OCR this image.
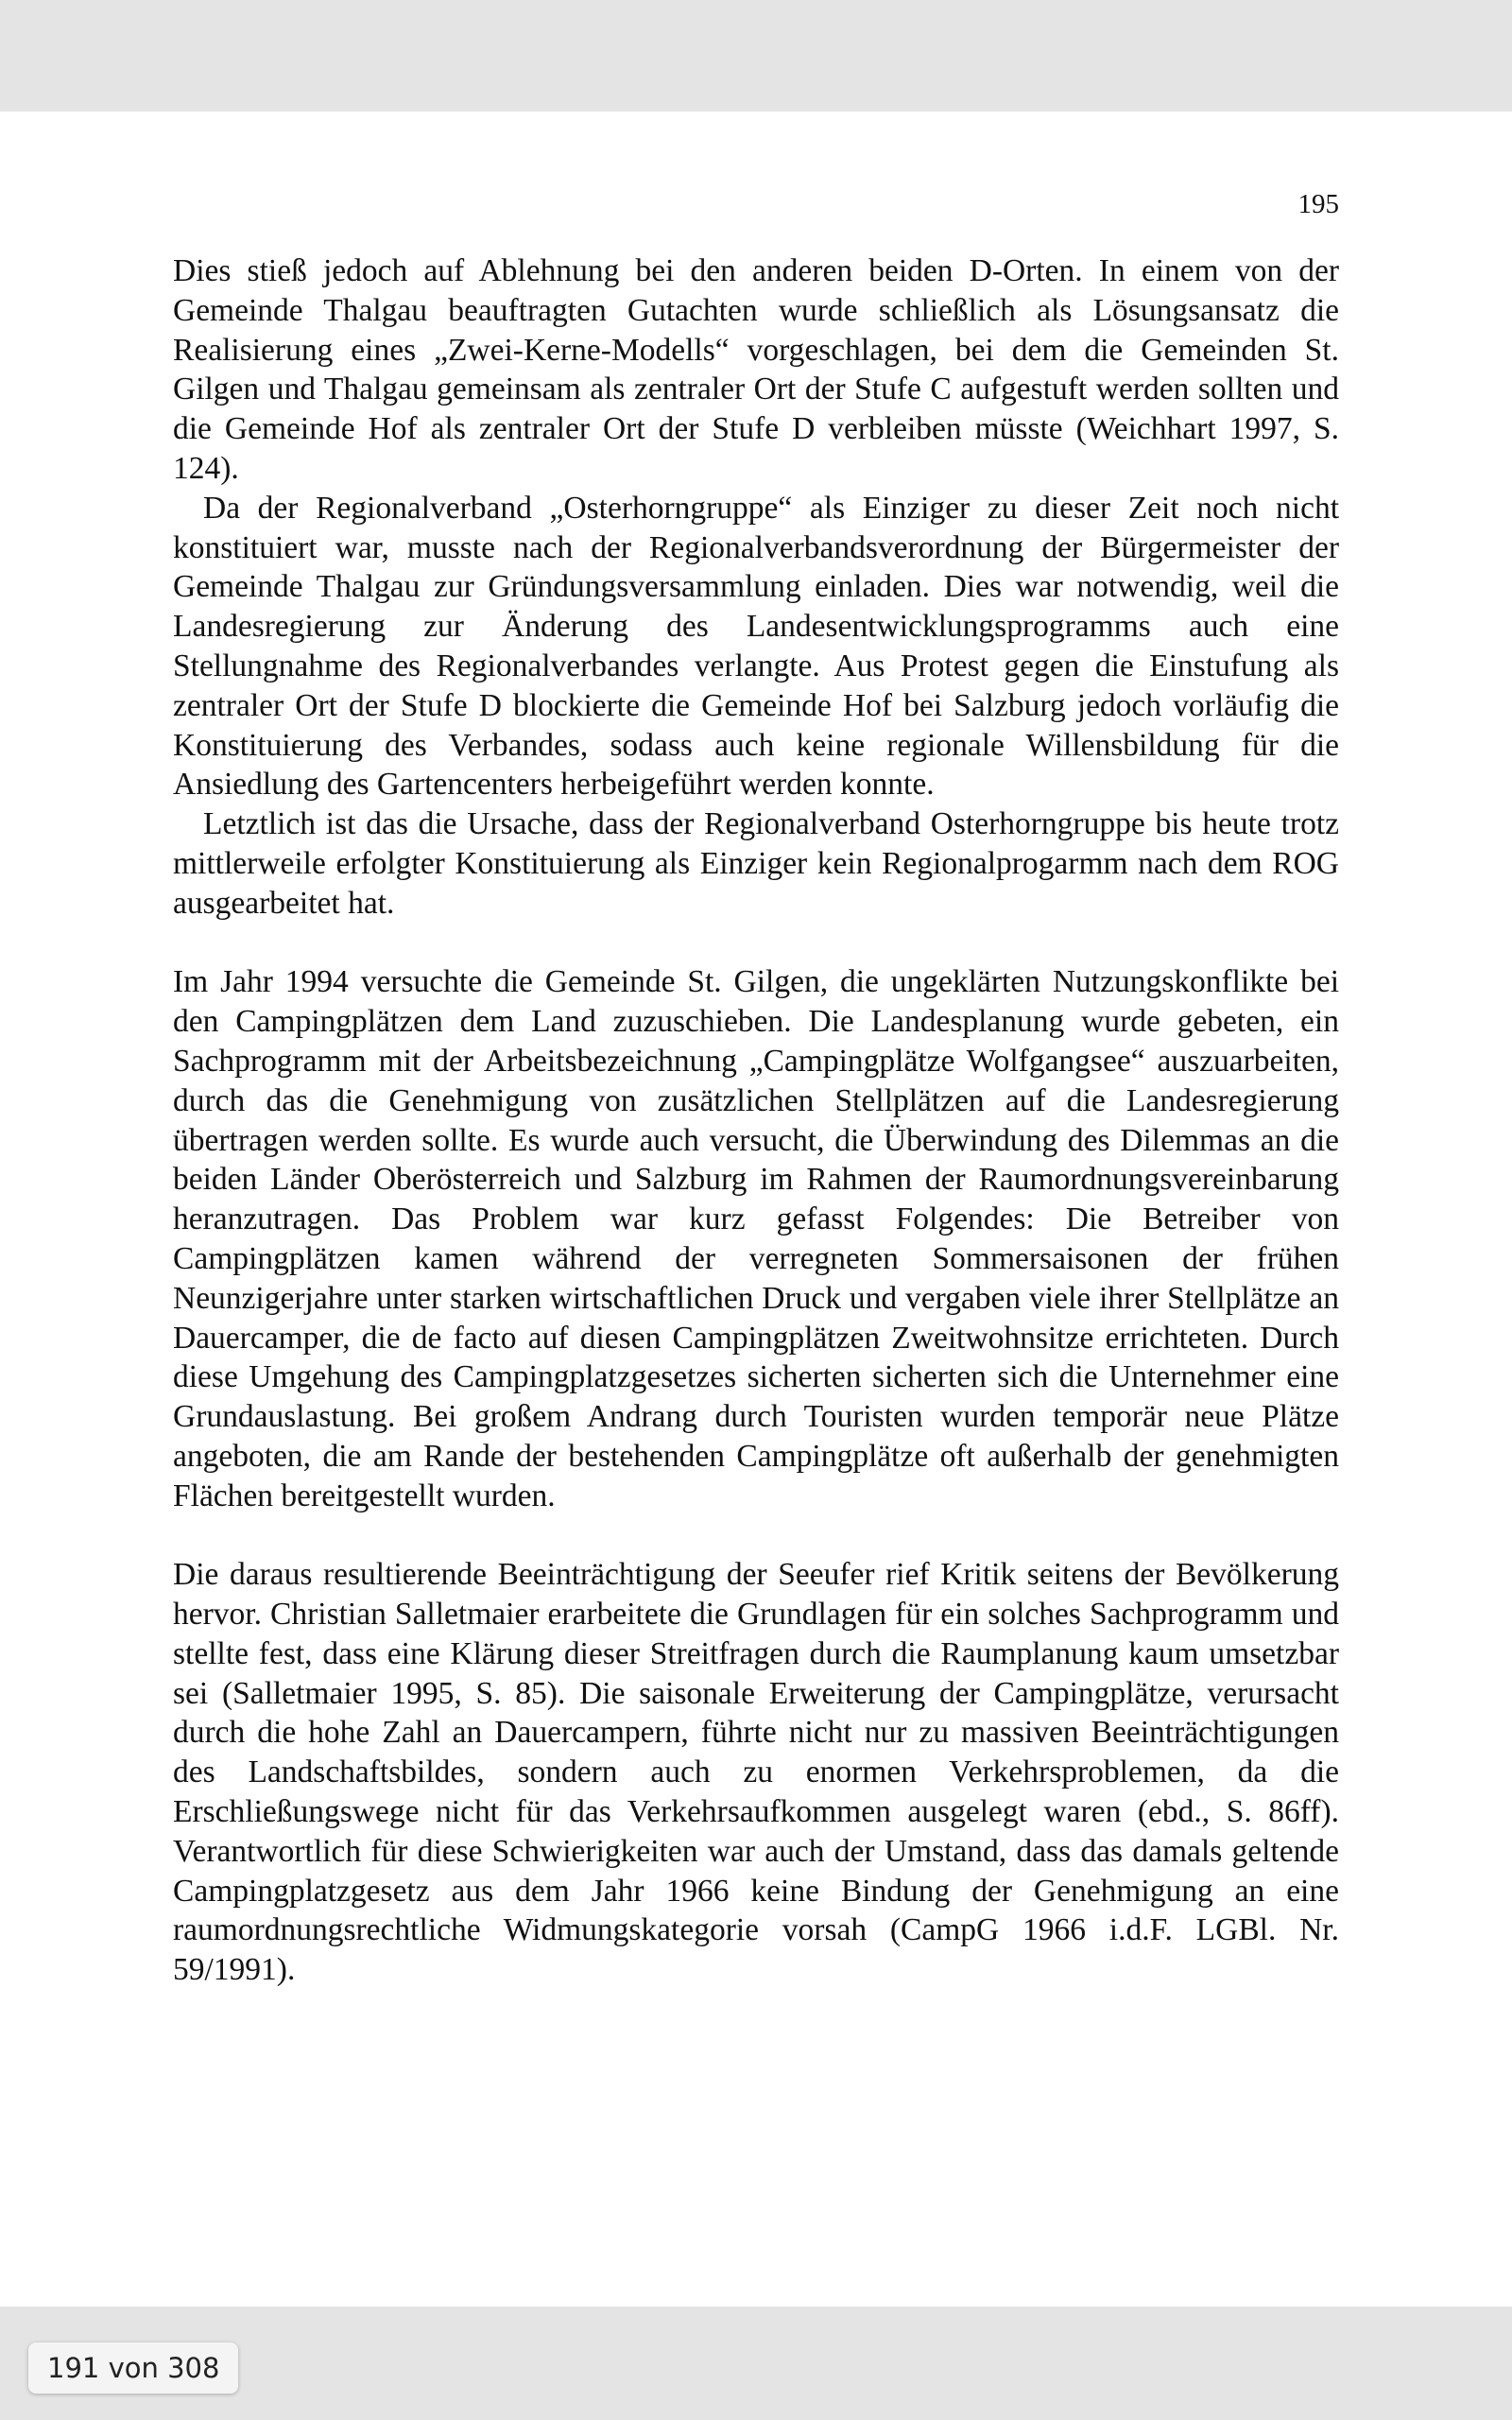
195

Dies stieß jedoch auf Ablehnung bei den anderen beiden D-Orten. In einem von der Gemeinde Thalgau beauftragten Gutachten wurde schließlich als Lösungsansatz die Realisierung eines „Zwei-Kerne-Modells“ vorgeschlagen, bei dem die Gemeinden St. Gilgen und Thalgau gemeinsam als zentraler Ort der Stufe C aufgestuft werden sollten und die Gemeinde Hof als zentraler Ort der Stufe D verbleiben müsste (Weichhart 1997, S. 124).

Da der Regionalverband „Osterhorngruppe“ als Einziger zu dieser Zeit noch nicht konstituiert war, musste nach der Regionalverbandsverordnung der Bürgermeister der Gemeinde Thalgau zur Gründungsversammlung einladen. Dies war notwendig, weil die Landesregierung zur Änderung des Landesentwicklungsprogramms auch eine Stellungnahme des Regionalverbandes verlangte. Aus Protest gegen die Einstufung als zentraler Ort der Stufe D blockierte die Gemeinde Hof bei Salzburg jedoch vorläufig die Konstituierung des Verbandes, sodass auch keine regionale Willensbildung für die Ansiedlung des Gartencenters herbeigeführt werden konnte.

Letztlich ist das die Ursache, dass der Regionalverband Osterhorngruppe bis heute trotz mittlerweile erfolgter Konstituierung als Einziger kein Regionalprogarmm nach dem ROG ausgearbeitet hat.

Im Jahr 1994 versuchte die Gemeinde St. Gilgen, die ungeklärten Nutzungskonflikte bei den Campingplätzen dem Land zuzuschieben. Die Landesplanung wurde gebeten, ein Sachprogramm mit der Arbeitsbezeichnung „Campingplätze Wolfgangsee“ auszuarbeiten, durch das die Genehmigung von zusätzlichen Stellplätzen auf die Landesregierung übertragen werden sollte. Es wurde auch versucht, die Überwindung des Dilemmas an die beiden Länder Oberösterreich und Salzburg im Rahmen der Raumordnungsvereinbarung heranzutragen. Das Problem war kurz gefasst Folgendes: Die Betreiber von Campingplätzen kamen während der verregneten Sommersaisonen der frühen Neunzigerjahre unter starken wirtschaftlichen Druck und vergaben viele ihrer Stellplätze an Dauercamper, die de facto auf diesen Campingplätzen Zweitwohnsitze errichteten. Durch diese Umgehung des Campingplatzgesetzes sicherten sicherten sich die Unternehmer eine Grundauslastung. Bei großem Andrang durch Touristen wurden temporär neue Plätze angeboten, die am Rande der bestehenden Campingplätze oft außerhalb der genehmigten Flächen bereitgestellt wurden.

Die daraus resultierende Beeinträchtigung der Seeufer rief Kritik seitens der Bevölkerung hervor. Christian Salletmaier erarbeitete die Grundlagen für ein solches Sachprogramm und stellte fest, dass eine Klärung dieser Streitfragen durch die Raumplanung kaum umsetzbar sei (Salletmaier 1995, S. 85). Die saisonale Erweiterung der Campingplätze, verursacht durch die hohe Zahl an Dauercampern, führte nicht nur zu massiven Beeinträchtigungen des Landschaftsbildes, sondern auch zu enormen Verkehrsproblemen, da die Erschließungswege nicht für das Verkehrsaufkommen ausgelegt waren (ebd., S. 86ff). Verantwortlich für diese Schwierigkeiten war auch der Umstand, dass das damals geltende Campingplatzgesetz aus dem Jahr 1966 keine Bindung der Genehmigung an eine raumordnungsrechtliche Widmungskategorie vorsah (CampG 1966 i.d.F. LGBl. Nr. 59/1991).

191 von 308
